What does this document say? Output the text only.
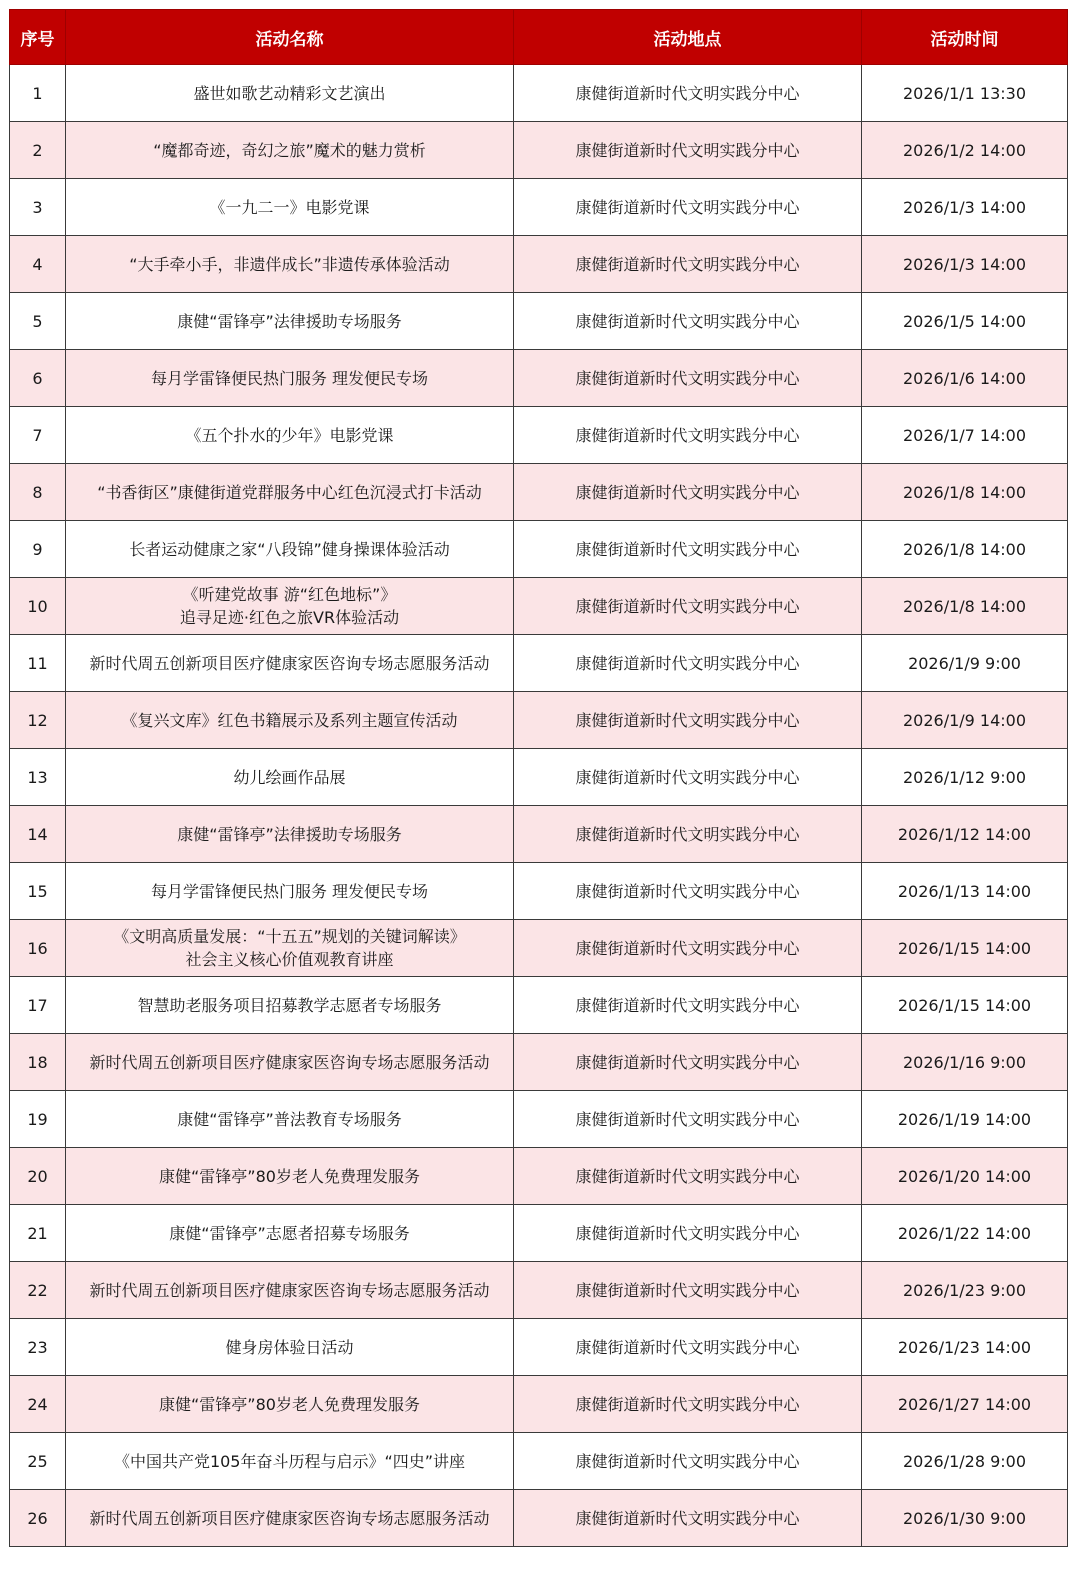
序号	活动名称	活动地点	活动时间
1	盛世如歌艺动精彩文艺演出	康健街道新时代文明实践分中心	2026/1/1 13:30
2	“魔都奇迹，奇幻之旅”魔术的魅力赏析	康健街道新时代文明实践分中心	2026/1/2 14:00
3	《一九二一》电影党课	康健街道新时代文明实践分中心	2026/1/3 14:00
4	“大手牵小手，非遗伴成长”非遗传承体验活动	康健街道新时代文明实践分中心	2026/1/3 14:00
5	康健“雷锋亭”法律援助专场服务	康健街道新时代文明实践分中心	2026/1/5 14:00
6	每月学雷锋便民热门服务 理发便民专场	康健街道新时代文明实践分中心	2026/1/6 14:00
7	《五个扑水的少年》电影党课	康健街道新时代文明实践分中心	2026/1/7 14:00
8	“书香街区”康健街道党群服务中心红色沉浸式打卡活动	康健街道新时代文明实践分中心	2026/1/8 14:00
9	长者运动健康之家“八段锦”健身操课体验活动	康健街道新时代文明实践分中心	2026/1/8 14:00
10	《听建党故事 游“红色地标”》
追寻足迹·红色之旅VR体验活动	康健街道新时代文明实践分中心	2026/1/8 14:00
11	新时代周五创新项目医疗健康家医咨询专场志愿服务活动	康健街道新时代文明实践分中心	2026/1/9 9:00
12	《复兴文库》红色书籍展示及系列主题宣传活动	康健街道新时代文明实践分中心	2026/1/9 14:00
13	幼儿绘画作品展	康健街道新时代文明实践分中心	2026/1/12 9:00
14	康健“雷锋亭”法律援助专场服务	康健街道新时代文明实践分中心	2026/1/12 14:00
15	每月学雷锋便民热门服务 理发便民专场	康健街道新时代文明实践分中心	2026/1/13 14:00
16	《文明高质量发展：“十五五”规划的关键词解读》
社会主义核心价值观教育讲座	康健街道新时代文明实践分中心	2026/1/15 14:00
17	智慧助老服务项目招募教学志愿者专场服务	康健街道新时代文明实践分中心	2026/1/15 14:00
18	新时代周五创新项目医疗健康家医咨询专场志愿服务活动	康健街道新时代文明实践分中心	2026/1/16 9:00
19	康健“雷锋亭”普法教育专场服务	康健街道新时代文明实践分中心	2026/1/19 14:00
20	康健“雷锋亭”80岁老人免费理发服务	康健街道新时代文明实践分中心	2026/1/20 14:00
21	康健“雷锋亭”志愿者招募专场服务	康健街道新时代文明实践分中心	2026/1/22 14:00
22	新时代周五创新项目医疗健康家医咨询专场志愿服务活动	康健街道新时代文明实践分中心	2026/1/23 9:00
23	健身房体验日活动	康健街道新时代文明实践分中心	2026/1/23 14:00
24	康健“雷锋亭”80岁老人免费理发服务	康健街道新时代文明实践分中心	2026/1/27 14:00
25	《中国共产党105年奋斗历程与启示》“四史”讲座	康健街道新时代文明实践分中心	2026/1/28 9:00
26	新时代周五创新项目医疗健康家医咨询专场志愿服务活动	康健街道新时代文明实践分中心	2026/1/30 9:00
